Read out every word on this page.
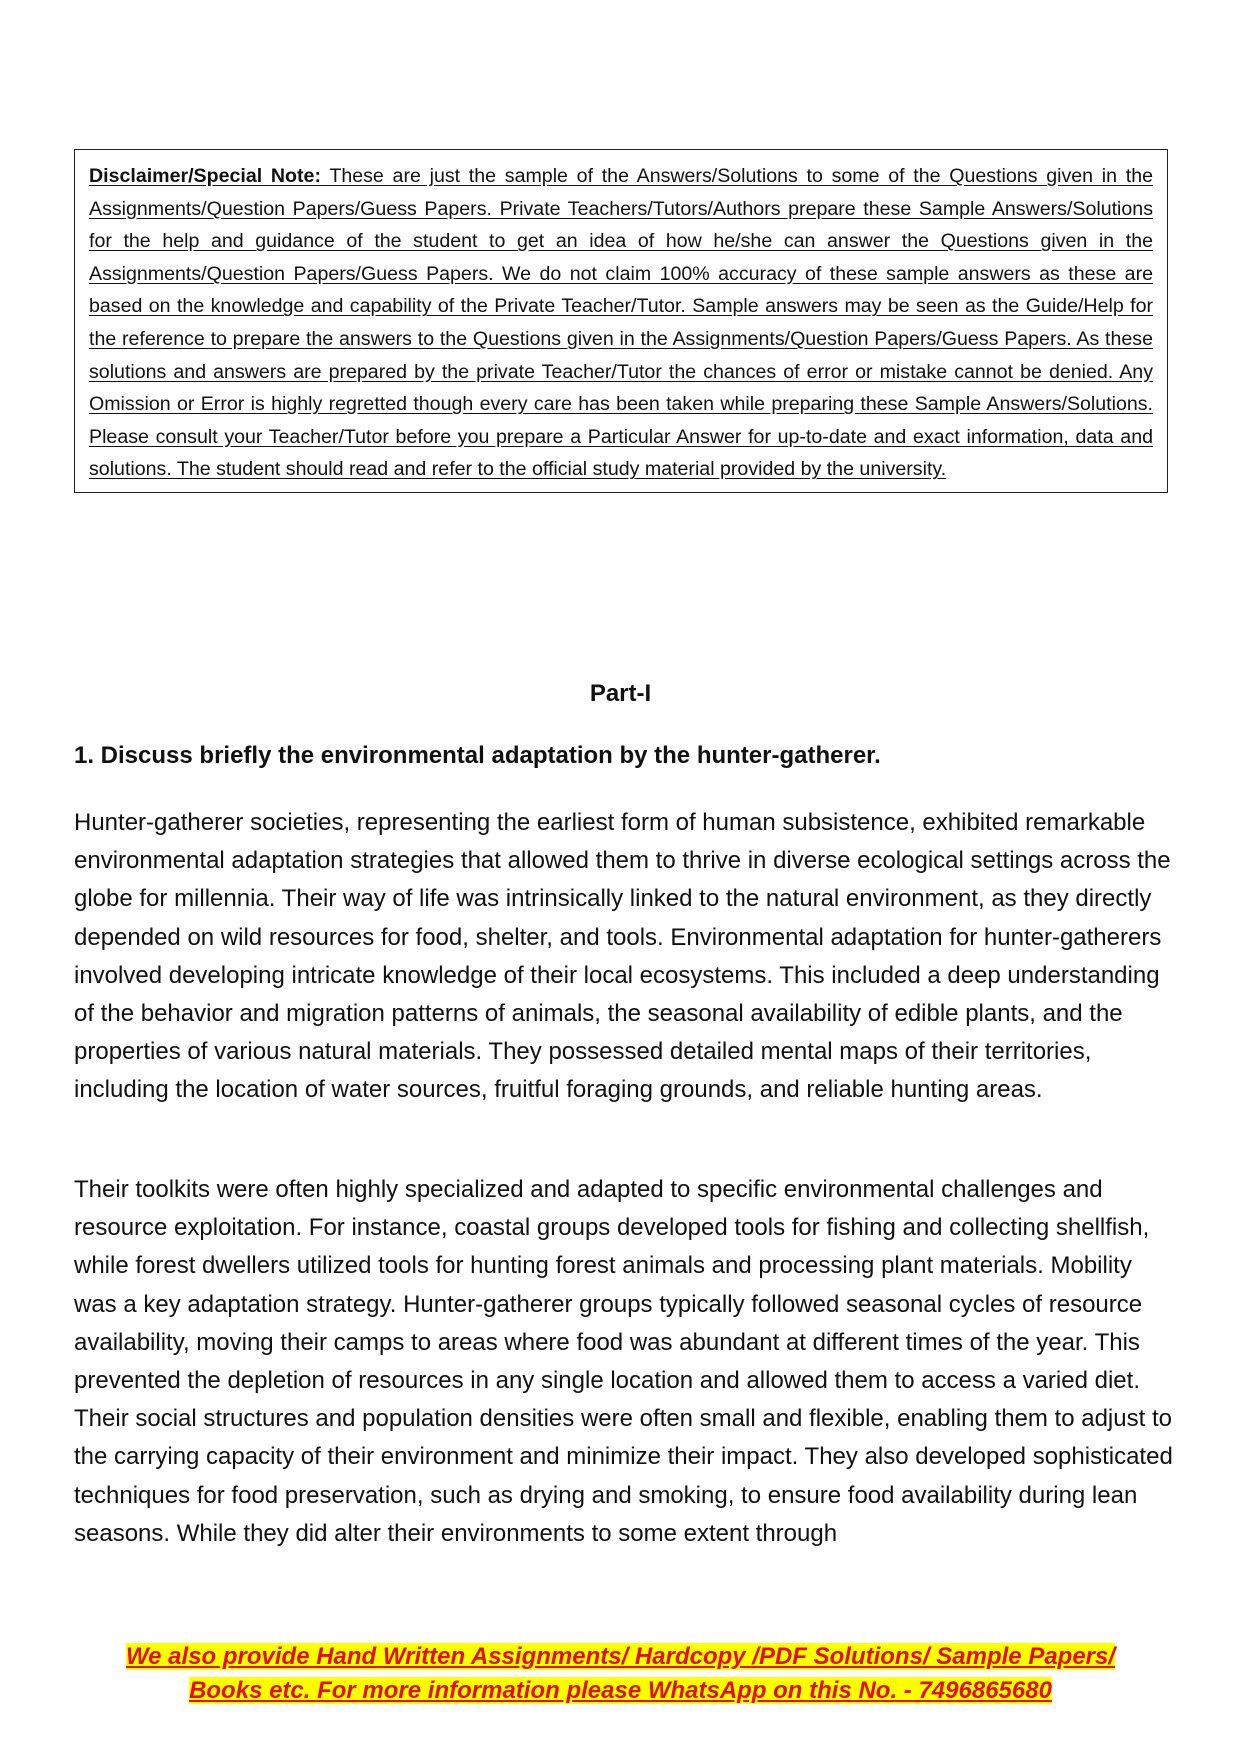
Disclaimer/Special Note: These are just the sample of the Answers/Solutions to some of the Questions given in the Assignments/Question Papers/Guess Papers. Private Teachers/Tutors/Authors prepare these Sample Answers/Solutions for the help and guidance of the student to get an idea of how he/she can answer the Questions given in the Assignments/Question Papers/Guess Papers. We do not claim 100% accuracy of these sample answers as these are based on the knowledge and capability of the Private Teacher/Tutor. Sample answers may be seen as the Guide/Help for the reference to prepare the answers to the Questions given in the Assignments/Question Papers/Guess Papers. As these solutions and answers are prepared by the private Teacher/Tutor the chances of error or mistake cannot be denied. Any Omission or Error is highly regretted though every care has been taken while preparing these Sample Answers/Solutions. Please consult your Teacher/Tutor before you prepare a Particular Answer for up-to-date and exact information, data and solutions. The student should read and refer to the official study material provided by the university.
Part-I
1. Discuss briefly the environmental adaptation by the hunter-gatherer.

Hunter-gatherer societies, representing the earliest form of human subsistence, exhibited remarkable environmental adaptation strategies that allowed them to thrive in diverse ecological settings across the globe for millennia. Their way of life was intrinsically linked to the natural environment, as they directly depended on wild resources for food, shelter, and tools. Environmental adaptation for hunter-gatherers involved developing intricate knowledge of their local ecosystems. This included a deep understanding of the behavior and migration patterns of animals, the seasonal availability of edible plants, and the properties of various natural materials. They possessed detailed mental maps of their territories, including the location of water sources, fruitful foraging grounds, and reliable hunting areas.

Their toolkits were often highly specialized and adapted to specific environmental challenges and resource exploitation. For instance, coastal groups developed tools for fishing and collecting shellfish, while forest dwellers utilized tools for hunting forest animals and processing plant materials. Mobility was a key adaptation strategy. Hunter-gatherer groups typically followed seasonal cycles of resource availability, moving their camps to areas where food was abundant at different times of the year. This prevented the depletion of resources in any single location and allowed them to access a varied diet. Their social structures and population densities were often small and flexible, enabling them to adjust to the carrying capacity of their environment and minimize their impact. They also developed sophisticated techniques for food preservation, such as drying and smoking, to ensure food availability during lean seasons. While they did alter their environments to some extent through

We also provide Hand Written Assignments/ Hardcopy /PDF Solutions/ Sample Papers/
Books etc. For more information please WhatsApp on this No. - 7496865680
